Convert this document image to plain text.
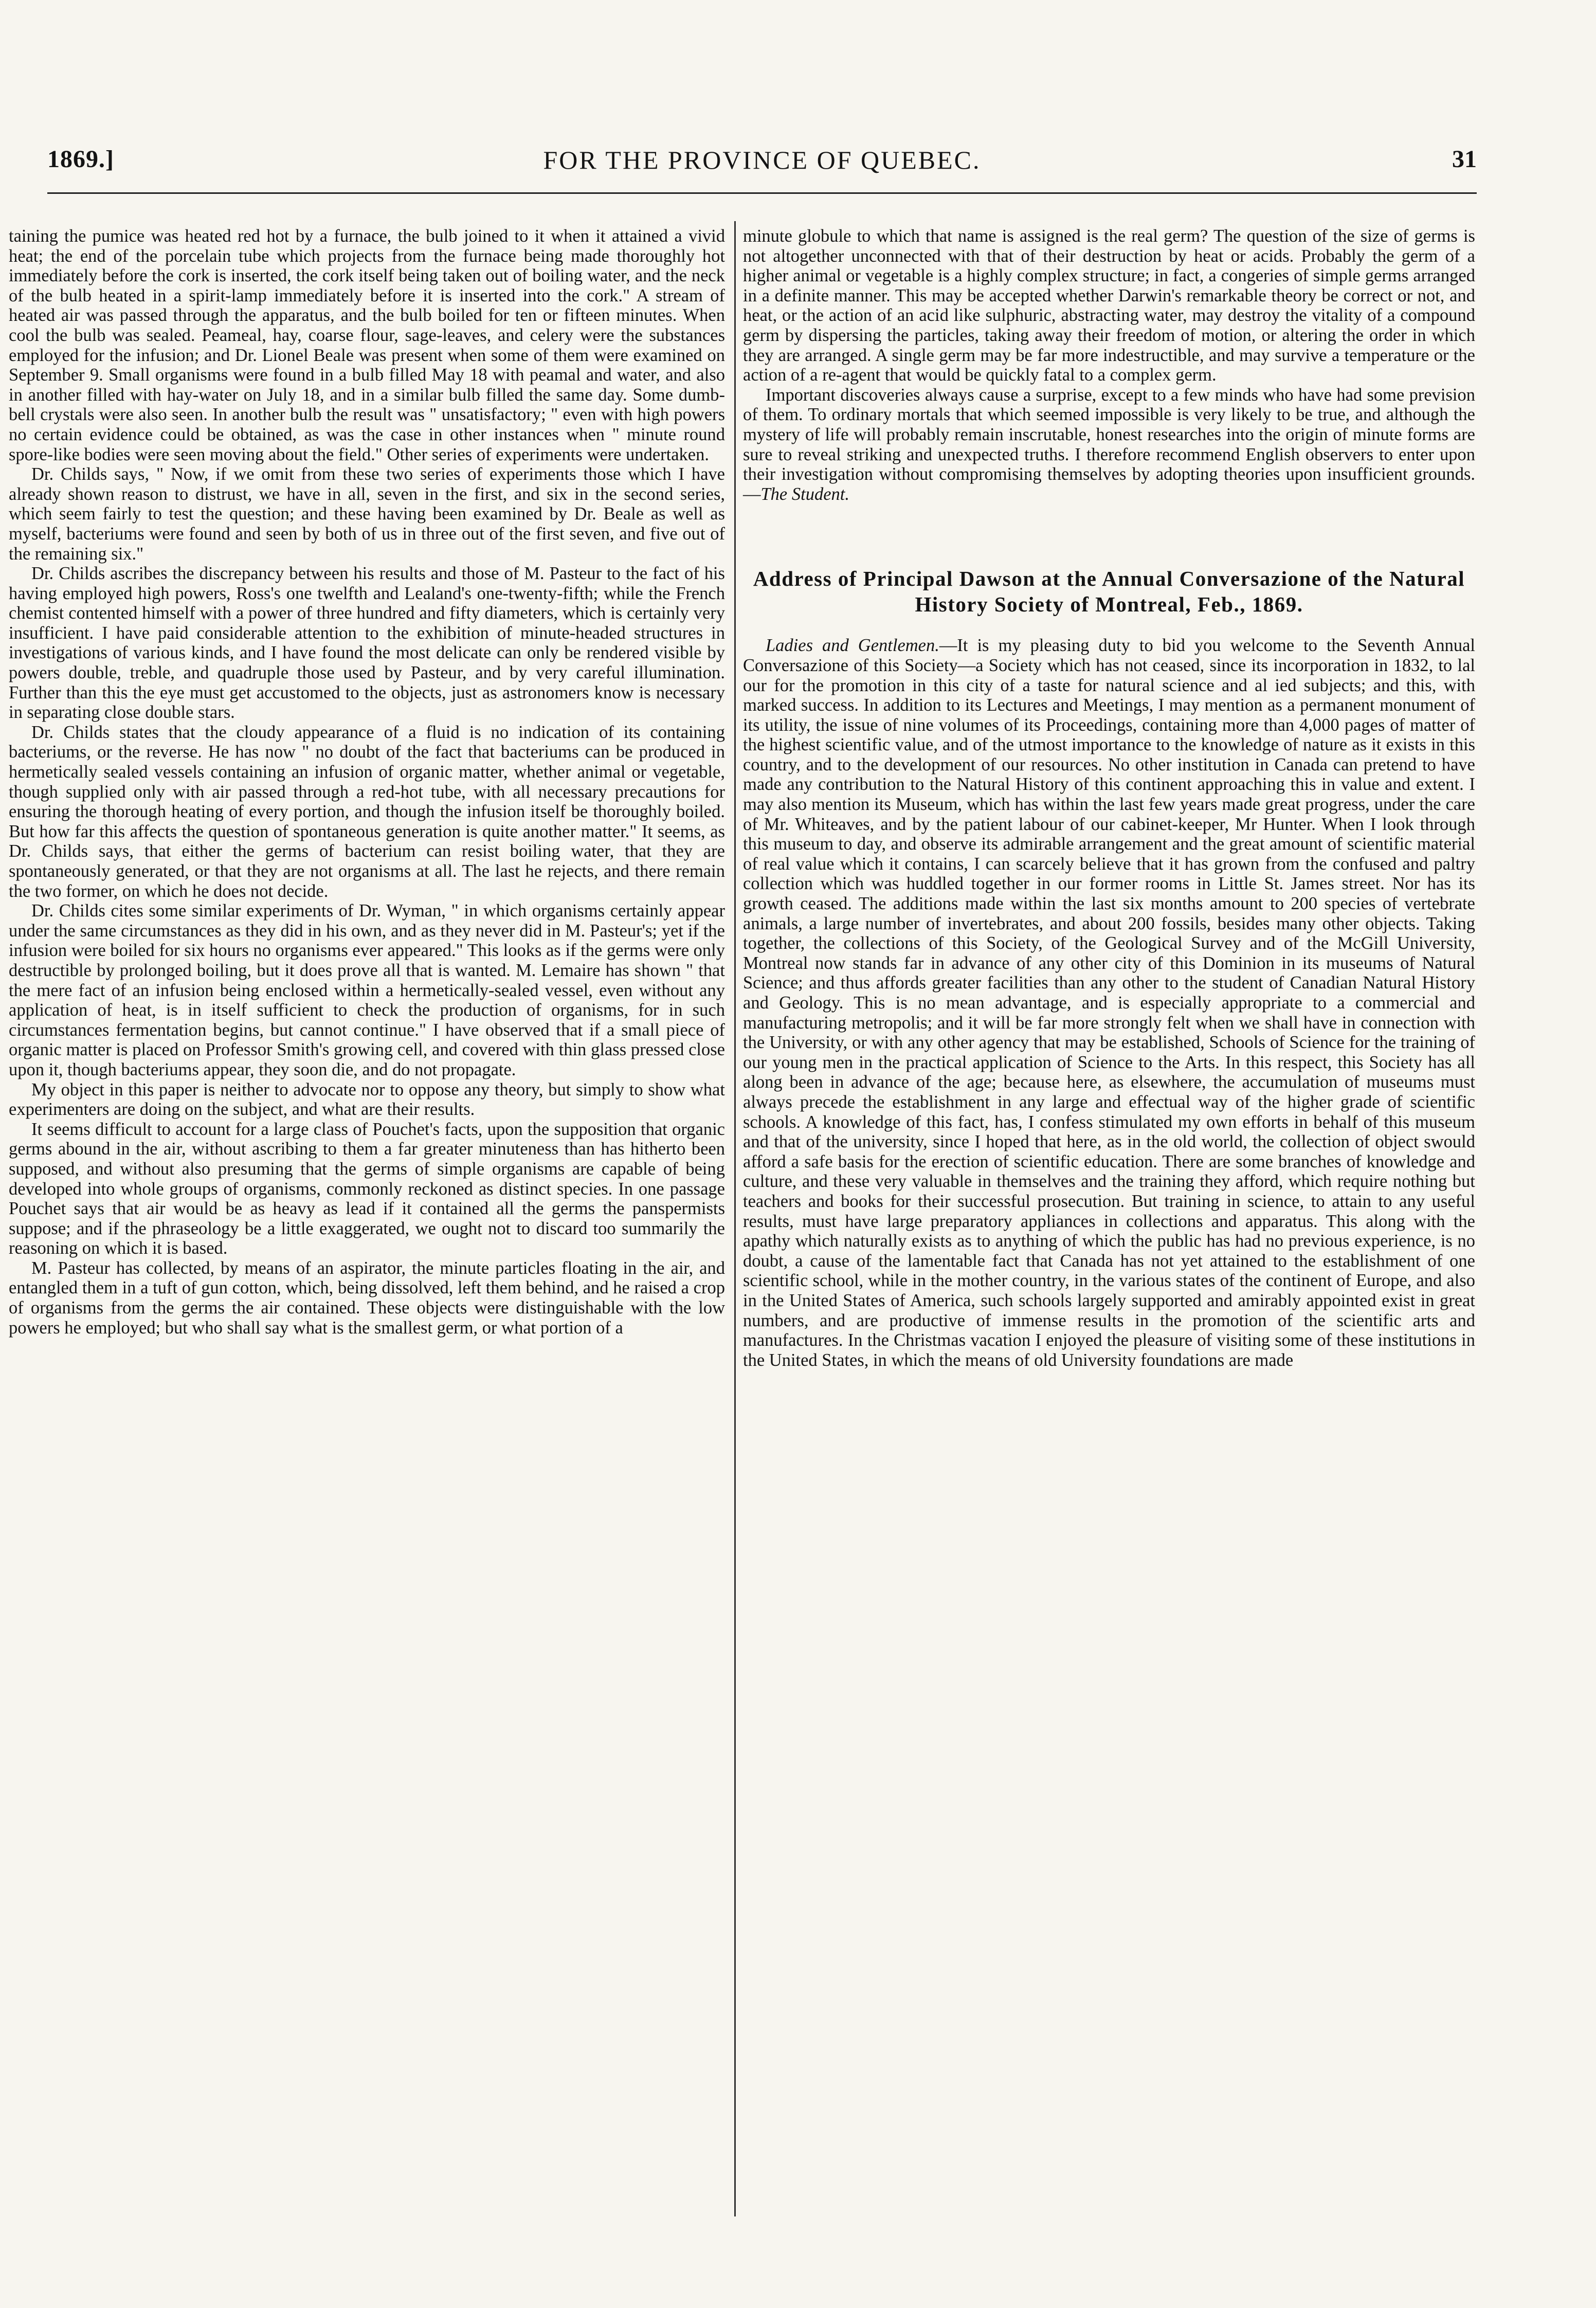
1869.]	FOR THE PROVINCE OF QUEBEC.	31

taining the pumice was heated red hot by a furnace, the bulb joined to it when it attained a vivid heat; the end of the porcelain tube which projects from the furnace being made thoroughly hot immediately before the cork is inserted, the cork itself being taken out of boiling water, and the neck of the bulb heated in a spirit-lamp immediately before it is inserted into the cork." A stream of heated air was passed through the apparatus, and the bulb boiled for ten or fifteen minutes. When cool the bulb was sealed. Peameal, hay, coarse flour, sage-leaves, and celery were the substances employed for the infusion; and Dr. Lionel Beale was present when some of them were examined on September 9. Small organisms were found in a bulb filled May 18 with peamal and water, and also in another filled with hay-water on July 18, and in a similar bulb filled the same day. Some dumb-bell crystals were also seen. In another bulb the result was " unsatisfactory; " even with high powers no certain evidence could be obtained, as was the case in other instances when " minute round spore-like bodies were seen moving about the field." Other series of experiments were undertaken.

Dr. Childs says, " Now, if we omit from these two series of experiments those which I have already shown reason to distrust, we have in all, seven in the first, and six in the second series, which seem fairly to test the question; and these having been examined by Dr. Beale as well as myself, bacteriums were found and seen by both of us in three out of the first seven, and five out of the remaining six."

Dr. Childs ascribes the discrepancy between his results and those of M. Pasteur to the fact of his having employed high powers, Ross's one twelfth and Lealand's one-twenty-fifth; while the French chemist contented himself with a power of three hundred and fifty diameters, which is certainly very insufficient. I have paid considerable attention to the exhibition of minute-headed structures in investigations of various kinds, and I have found the most delicate can only be rendered visible by powers double, treble, and quadruple those used by Pasteur, and by very careful illumination. Further than this the eye must get accustomed to the objects, just as astronomers know is necessary in separating close double stars.

Dr. Childs states that the cloudy appearance of a fluid is no indication of its containing bacteriums, or the reverse. He has now " no doubt of the fact that bacteriums can be produced in hermetically sealed vessels containing an infusion of organic matter, whether animal or vegetable, though supplied only with air passed through a red-hot tube, with all necessary precautions for ensuring the thorough heating of every portion, and though the infusion itself be thoroughly boiled. But how far this affects the question of spontaneous generation is quite another matter." It seems, as Dr. Childs says, that either the germs of bacterium can resist boiling water, that they are spontaneously generated, or that they are not organisms at all. The last he rejects, and there remain the two former, on which he does not decide.

Dr. Childs cites some similar experiments of Dr. Wyman, " in which organisms certainly appear under the same circumstances as they did in his own, and as they never did in M. Pasteur's; yet if the infusion were boiled for six hours no organisms ever appeared." This looks as if the germs were only destructible by prolonged boiling, but it does prove all that is wanted. M. Lemaire has shown " that the mere fact of an infusion being enclosed within a hermetically-sealed vessel, even without any application of heat, is in itself sufficient to check the production of organisms, for in such circumstances fermentation begins, but cannot continue." I have observed that if a small piece of organic matter is placed on Professor Smith's growing cell, and covered with thin glass pressed close upon it, though bacteriums appear, they soon die, and do not propagate.

My object in this paper is neither to advocate nor to oppose any theory, but simply to show what experimenters are doing on the subject, and what are their results.

It seems difficult to account for a large class of Pouchet's facts, upon the supposition that organic germs abound in the air, without ascribing to them a far greater minuteness than has hitherto been supposed, and without also presuming that the germs of simple organisms are capable of being developed into whole groups of organisms, commonly reckoned as distinct species. In one passage Pouchet says that air would be as heavy as lead if it contained all the germs the panspermists suppose; and if the phraseology be a little exaggerated, we ought not to discard too summarily the reasoning on which it is based.

M. Pasteur has collected, by means of an aspirator, the minute particles floating in the air, and entangled them in a tuft of gun cotton, which, being dissolved, left them behind, and he raised a crop of organisms from the germs the air contained. These objects were distinguishable with the low powers he employed; but who shall say what is the smallest germ, or what portion of a

minute globule to which that name is assigned is the real germ? The question of the size of germs is not altogether unconnected with that of their destruction by heat or acids. Probably the germ of a higher animal or vegetable is a highly complex structure; in fact, a congeries of simple germs arranged in a definite manner. This may be accepted whether Darwin's remarkable theory be correct or not, and heat, or the action of an acid like sulphuric, abstracting water, may destroy the vitality of a compound germ by dispersing the particles, taking away their freedom of motion, or altering the order in which they are arranged. A single germ may be far more indestructible, and may survive a temperature or the action of a re-agent that would be quickly fatal to a complex germ.

Important discoveries always cause a surprise, except to a few minds who have had some prevision of them. To ordinary mortals that which seemed impossible is very likely to be true, and although the mystery of life will probably remain inscrutable, honest researches into the origin of minute forms are sure to reveal striking and unexpected truths. I therefore recommend English observers to enter upon their investigation without compromising themselves by adopting theories upon insufficient grounds.—The Student.

Address of Principal Dawson at the Annual Conversazione of the Natural History Society of Montreal, Feb., 1869.

Ladies and Gentlemen.—It is my pleasing duty to bid you welcome to the Seventh Annual Conversazione of this Society—a Society which has not ceased, since its incorporation in 1832, to lal our for the promotion in this city of a taste for natural science and al ied subjects; and this, with marked success. In addition to its Lectures and Meetings, I may mention as a permanent monument of its utility, the issue of nine volumes of its Proceedings, containing more than 4,000 pages of matter of the highest scientific value, and of the utmost importance to the knowledge of nature as it exists in this country, and to the development of our resources. No other institution in Canada can pretend to have made any contribution to the Natural History of this continent approaching this in value and extent. I may also mention its Museum, which has within the last few years made great progress, under the care of Mr. Whiteaves, and by the patient labour of our cabinet-keeper, Mr Hunter. When I look through this museum to day, and observe its admirable arrangement and the great amount of scientific material of real value which it contains, I can scarcely believe that it has grown from the confused and paltry collection which was huddled together in our former rooms in Little St. James street. Nor has its growth ceased. The additions made within the last six months amount to 200 species of vertebrate animals, a large number of invertebrates, and about 200 fossils, besides many other objects. Taking together, the collections of this Society, of the Geological Survey and of the McGill University, Montreal now stands far in advance of any other city of this Dominion in its museums of Natural Science; and thus affords greater facilities than any other to the student of Canadian Natural History and Geology. This is no mean advantage, and is especially appropriate to a commercial and manufacturing metropolis; and it will be far more strongly felt when we shall have in connection with the University, or with any other agency that may be established, Schools of Science for the training of our young men in the practical application of Science to the Arts. In this respect, this Society has all along been in advance of the age; because here, as elsewhere, the accumulation of museums must always precede the establishment in any large and effectual way of the higher grade of scientific schools. A knowledge of this fact, has, I confess stimulated my own efforts in behalf of this museum and that of the university, since I hoped that here, as in the old world, the collection of object swould afford a safe basis for the erection of scientific education. There are some branches of knowledge and culture, and these very valuable in themselves and the training they afford, which require nothing but teachers and books for their successful prosecution. But training in science, to attain to any useful results, must have large preparatory appliances in collections and apparatus. This along with the apathy which naturally exists as to anything of which the public has had no previous experience, is no doubt, a cause of the lamentable fact that Canada has not yet attained to the establishment of one scientific school, while in the mother country, in the various states of the continent of Europe, and also in the United States of America, such schools largely supported and amirably appointed exist in great numbers, and are productive of immense results in the promotion of the scientific arts and manufactures. In the Christmas vacation I enjoyed the pleasure of visiting some of these institutions in the United States, in which the means of old University foundations are made
